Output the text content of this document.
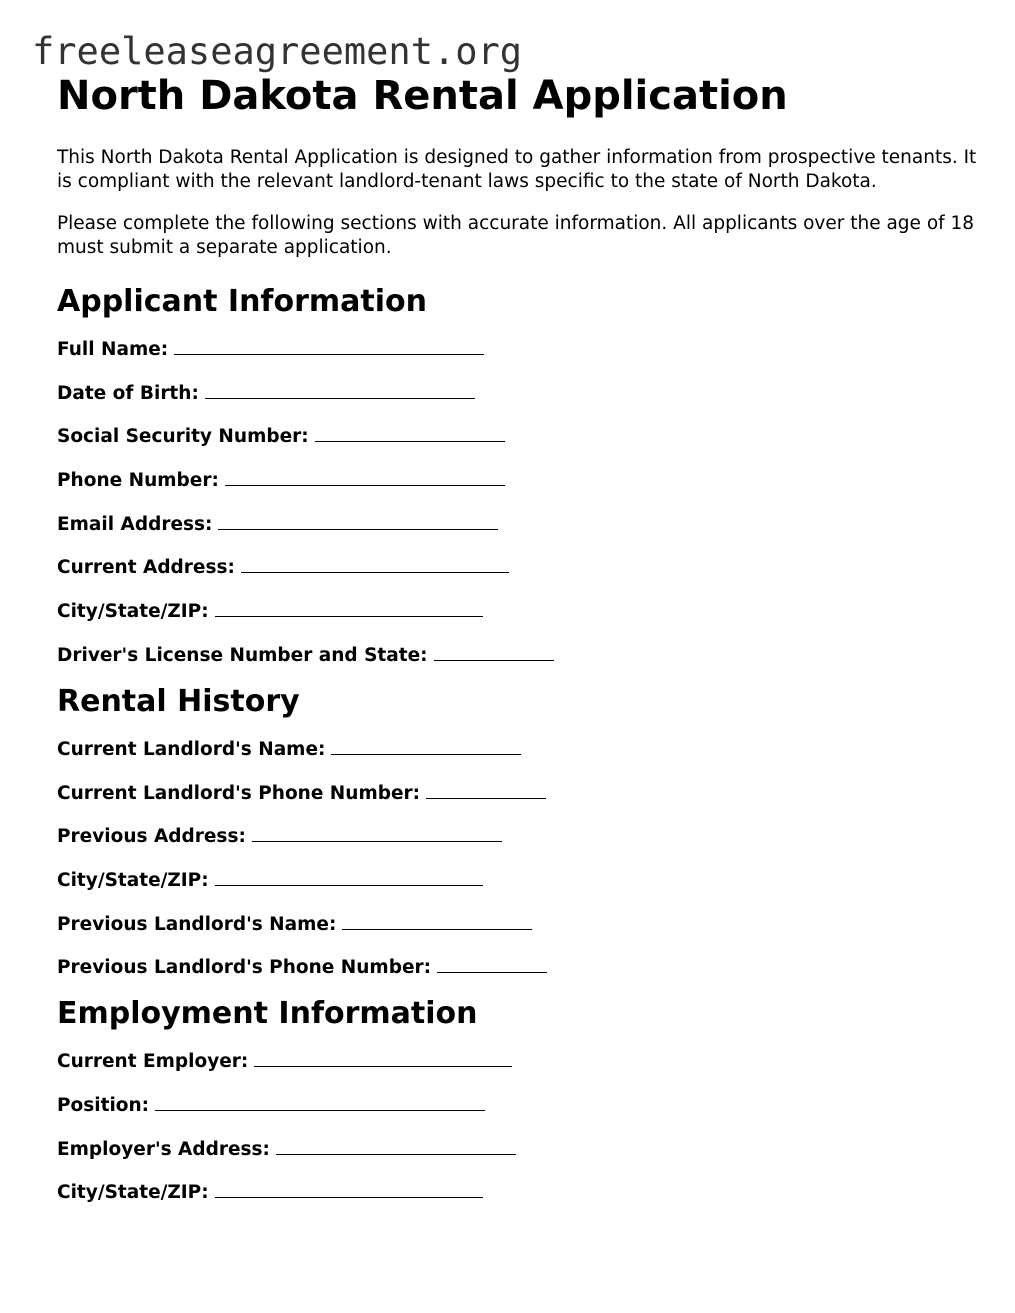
freeleaseagreement.org
North Dakota Rental Application

This North Dakota Rental Application is designed to gather information from prospective tenants. It is compliant with the relevant landlord-tenant laws specific to the state of North Dakota.

Please complete the following sections with accurate information. All applicants over the age of 18 must submit a separate application.

Applicant Information
Full Name:
Date of Birth:
Social Security Number:
Phone Number:
Email Address:
Current Address:
City/State/ZIP:
Driver's License Number and State:
Rental History
Current Landlord's Name:
Current Landlord's Phone Number:
Previous Address:
City/State/ZIP:
Previous Landlord's Name:
Previous Landlord's Phone Number:
Employment Information
Current Employer:
Position:
Employer's Address:
City/State/ZIP:
